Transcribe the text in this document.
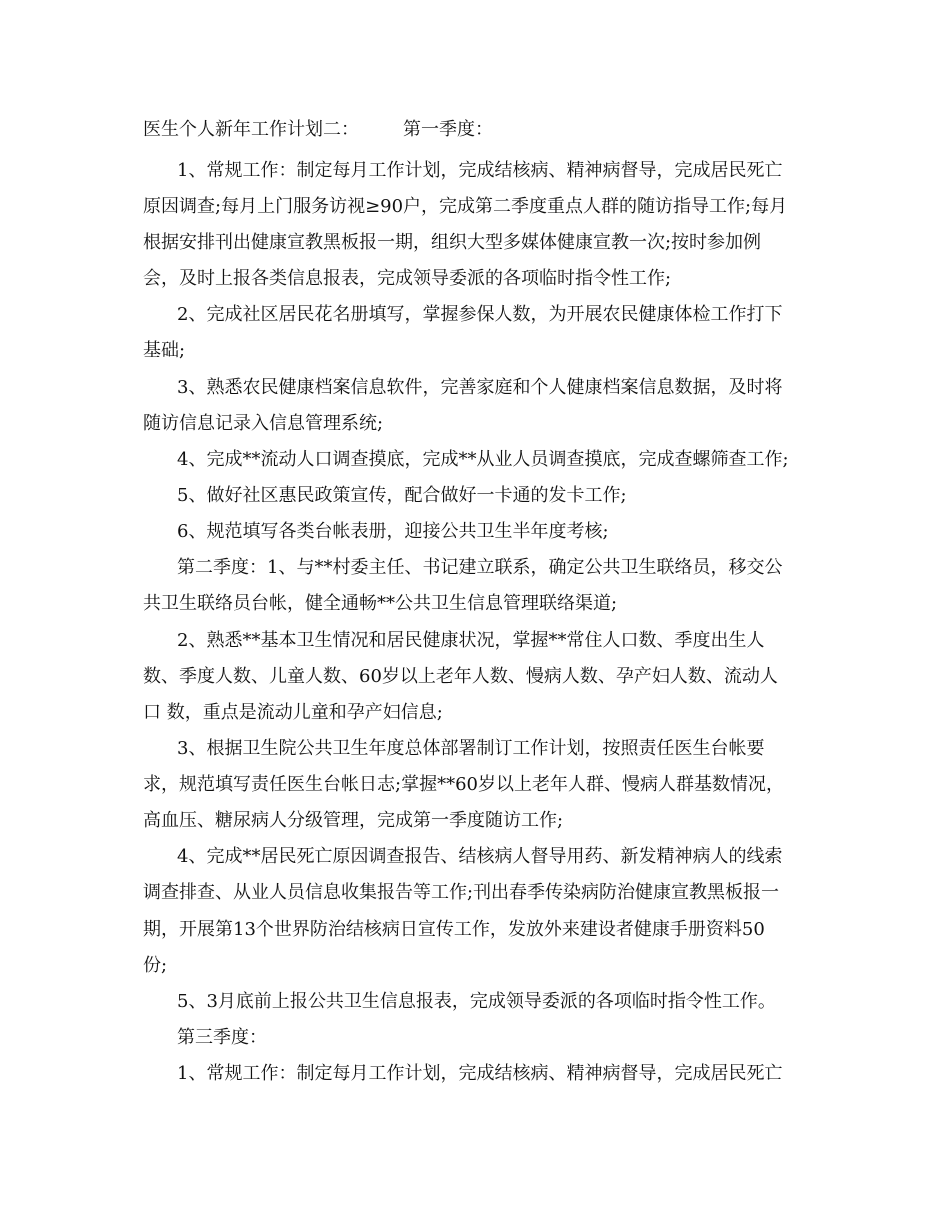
医生个人新年工作计划二： 第一季度：

1、常规工作：制定每月工作计划，完成结核病、精神病督导，完成居民死亡

原因调查;每月上门服务访视≥90户，完成第二季度重点人群的随访指导工作;每月

根据安排刊出健康宣教黑板报一期，组织大型多媒体健康宣教一次;按时参加例

会，及时上报各类信息报表，完成领导委派的各项临时指令性工作;

2、完成社区居民花名册填写，掌握参保人数，为开展农民健康体检工作打下

基础;

3、熟悉农民健康档案信息软件，完善家庭和个人健康档案信息数据，及时将

随访信息记录入信息管理系统;

4、完成**流动人口调查摸底，完成**从业人员调查摸底，完成查螺筛查工作;

5、做好社区惠民政策宣传，配合做好一卡通的发卡工作;

6、规范填写各类台帐表册，迎接公共卫生半年度考核;

第二季度：1、与**村委主任、书记建立联系，确定公共卫生联络员，移交公

共卫生联络员台帐，健全通畅**公共卫生信息管理联络渠道;

2、熟悉**基本卫生情况和居民健康状况，掌握**常住人口数、季度出生人

数、季度人数、儿童人数、60岁以上老年人数、慢病人数、孕产妇人数、流动人

口 数，重点是流动儿童和孕产妇信息;

3、根据卫生院公共卫生年度总体部署制订工作计划，按照责任医生台帐要

求，规范填写责任医生台帐日志;掌握**60岁以上老年人群、慢病人群基数情况，

高血压、糖尿病人分级管理，完成第一季度随访工作;

4、完成**居民死亡原因调查报告、结核病人督导用药、新发精神病人的线索

调查排查、从业人员信息收集报告等工作;刊出春季传染病防治健康宣教黑板报一

期，开展第13个世界防治结核病日宣传工作，发放外来建设者健康手册资料50

份;

5、3月底前上报公共卫生信息报表，完成领导委派的各项临时指令性工作。

第三季度：

1、常规工作：制定每月工作计划，完成结核病、精神病督导，完成居民死亡
